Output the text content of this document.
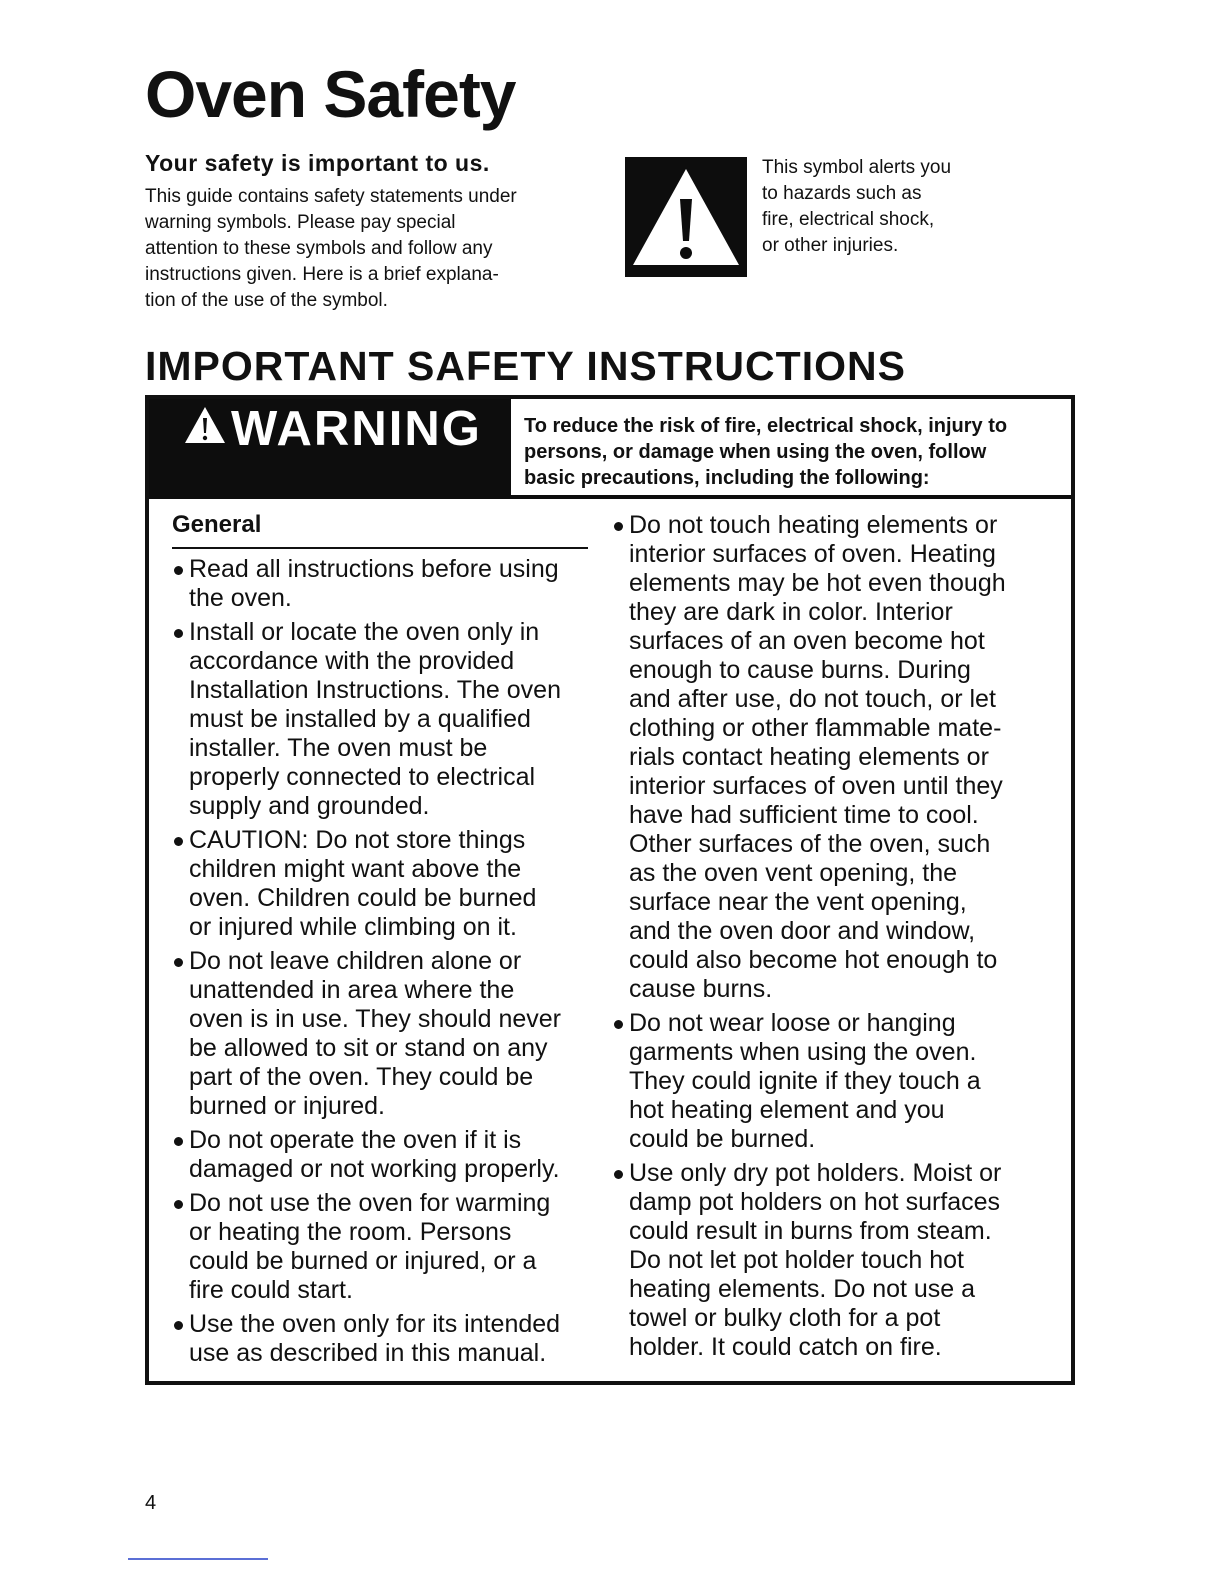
Oven Safety
Your safety is important to us.

This guide contains safety statements under
warning symbols. Please pay special
attention to these symbols and follow any
instructions given. Here is a brief explana-
tion of the use of the symbol.

This symbol alerts you
to hazards such as
fire, electrical shock,
or other injuries.

IMPORTANT SAFETY INSTRUCTIONS
WARNING To reduce the risk of fire, electrical shock, injury to
persons, or damage when using the oven, follow
basic precautions, including the following:

General
Read all instructions before using
the oven.
Install or locate the oven only in
accordance with the provided
Installation Instructions. The oven
must be installed by a qualified
installer. The oven must be
properly connected to electrical
supply and grounded.
CAUTION: Do not store things
children might want above the
oven. Children could be burned
or injured while climbing on it.
Do not leave children alone or
unattended in area where the
oven is in use. They should never
be allowed to sit or stand on any
part of the oven. They could be
burned or injured.
Do not operate the oven if it is
damaged or not working properly.
Do not use the oven for warming
or heating the room. Persons
could be burned or injured, or a
fire could start.
Use the oven only for its intended
use as described in this manual.
Do not touch heating elements or
interior surfaces of oven. Heating
elements may be hot even though
they are dark in color. Interior
surfaces of an oven become hot
enough to cause burns. During
and after use, do not touch, or let
clothing or other flammable mate-
rials contact heating elements or
interior surfaces of oven until they
have had sufficient time to cool.
Other surfaces of the oven, such
as the oven vent opening, the
surface near the vent opening,
and the oven door and window,
could also become hot enough to
cause burns.
Do not wear loose or hanging
garments when using the oven.
They could ignite if they touch a
hot heating element and you
could be burned.
Use only dry pot holders. Moist or
damp pot holders on hot surfaces
could result in burns from steam.
Do not let pot holder touch hot
heating elements. Do not use a
towel or bulky cloth for a pot
holder. It could catch on fire.
4
